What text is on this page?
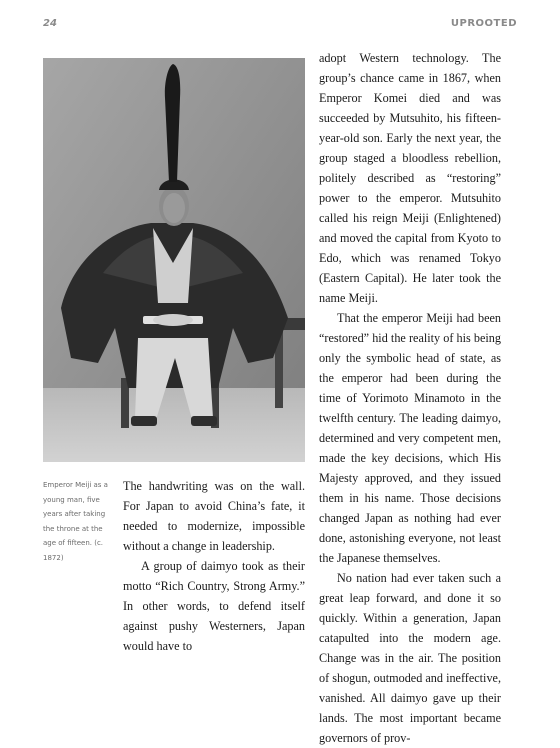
24	UPROOTED
Emperor Meiji as a young man, five years after taking the throne at the age of fifteen. (c. 1872)

The handwriting was on the wall. For Japan to avoid China’s fate, it needed to modernize, impossible without a change in leadership.

A group of daimyo took as their motto “Rich Country, Strong Army.” In other words, to defend itself against pushy Westerners, Japan would have to

adopt Western technology. The group’s chance came in 1867, when Emperor Komei died and was succeeded by Mutsuhito, his fifteen-year-old son. Early the next year, the group staged a bloodless rebellion, politely described as “restoring” power to the emperor. Mutsuhito called his reign Meiji (Enlightened) and moved the capital from Kyoto to Edo, which was renamed Tokyo (Eastern Capital). He later took the name Meiji.

That the emperor Meiji had been “restored” hid the reality of his being only the symbolic head of state, as the emperor had been during the time of Yorimoto Minamoto in the twelfth century. The leading daimyo, determined and very competent men, made the key decisions, which His Majesty approved, and they issued them in his name. Those decisions changed Japan as nothing had ever done, astonishing everyone, not least the Japanese themselves.

No nation had ever taken such a great leap forward, and done it so quickly. Within a generation, Japan catapulted into the modern age. Change was in the air. The position of shogun, outmoded and ineffective, vanished. All daimyo gave up their lands. The most important became governors of prov-
